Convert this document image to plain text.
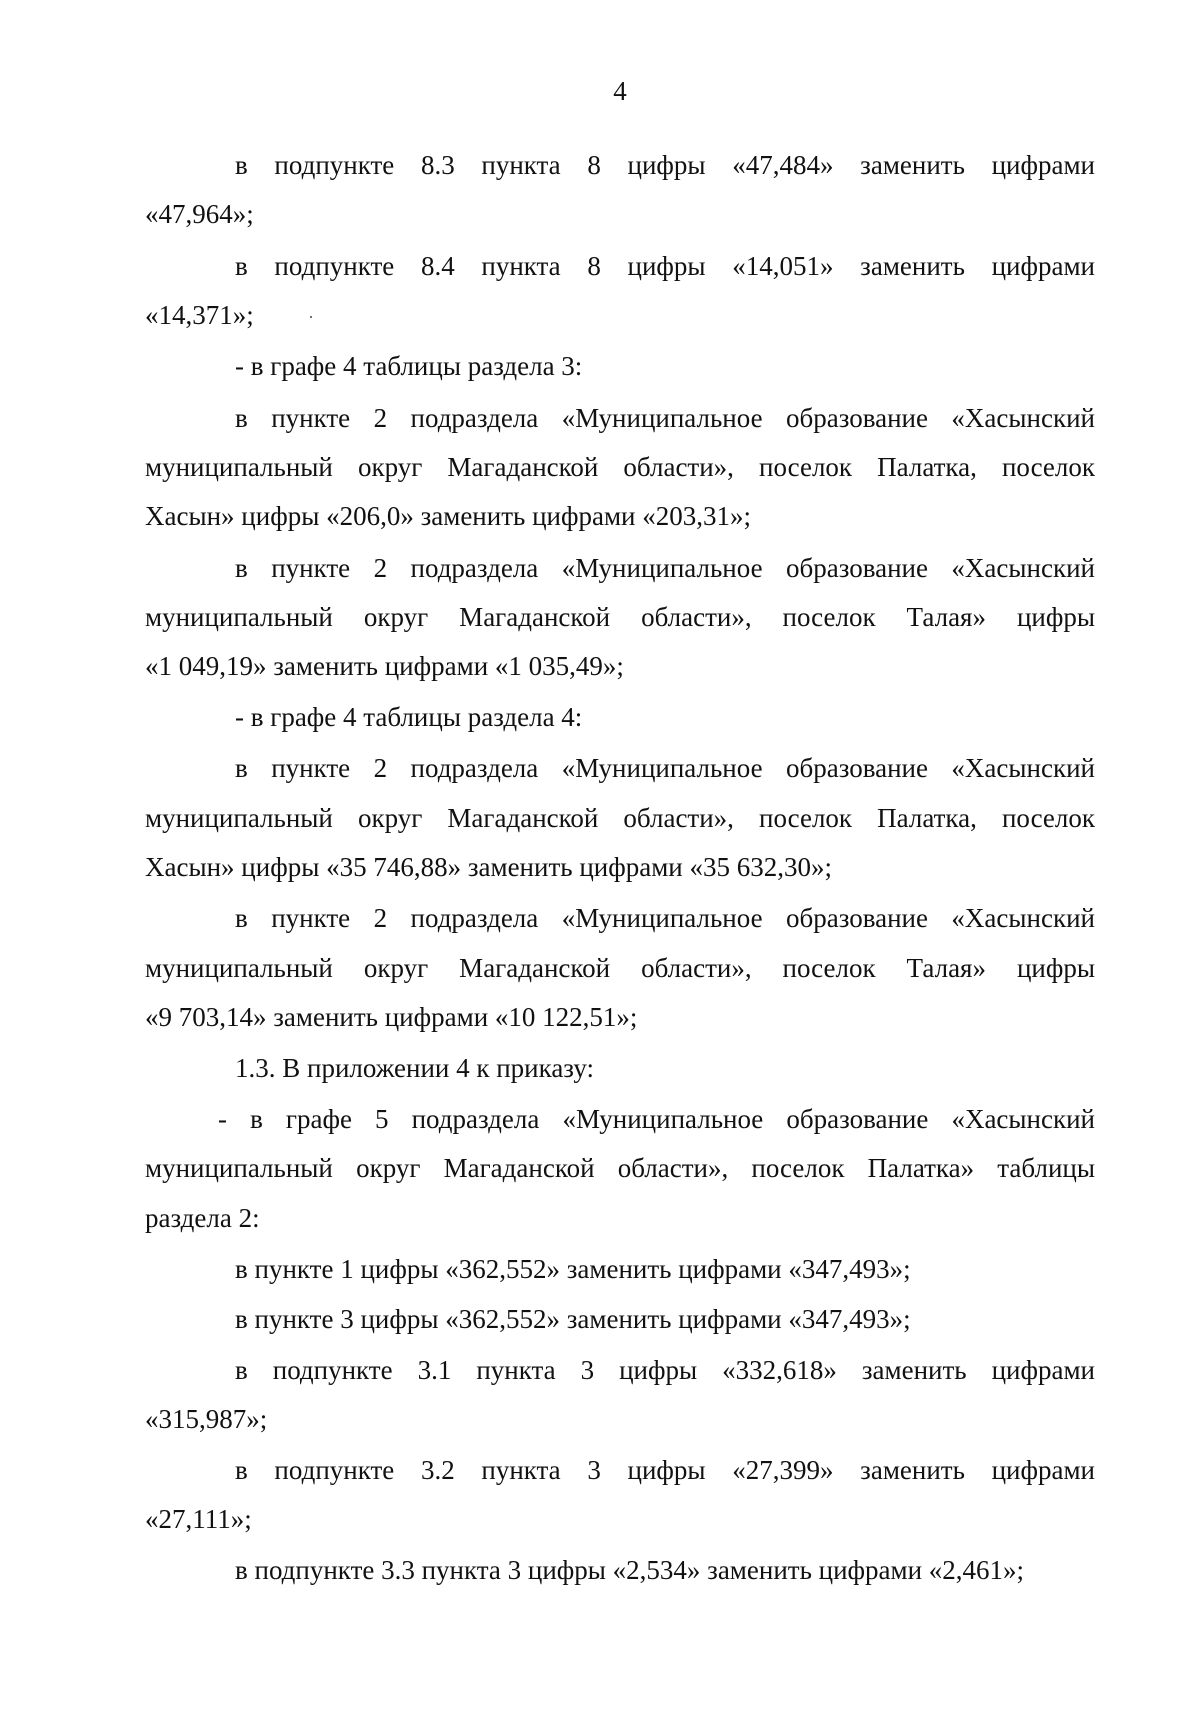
4

в подпункте 8.3 пункта 8 цифры «47,484» заменить цифрами

«47,964»;

в подпункте 8.4 пункта 8 цифры «14,051» заменить цифрами

«14,371»;

- в графе 4 таблицы раздела 3:

в пункте 2 подраздела «Муниципальное образование «Хасынский

муниципальный округ Магаданской области», поселок Палатка, поселок

Хасын» цифры «206,0» заменить цифрами «203,31»;

в пункте 2 подраздела «Муниципальное образование «Хасынский

муниципальный округ Магаданской области», поселок Талая» цифры

«1 049,19» заменить цифрами «1 035,49»;

- в графе 4 таблицы раздела 4:

в пункте 2 подраздела «Муниципальное образование «Хасынский

муниципальный округ Магаданской области», поселок Палатка, поселок

Хасын» цифры «35 746,88» заменить цифрами «35 632,30»;

в пункте 2 подраздела «Муниципальное образование «Хасынский

муниципальный округ Магаданской области», поселок Талая» цифры

«9 703,14» заменить цифрами «10 122,51»;

1.3. В приложении 4 к приказу:

- в графе 5 подраздела «Муниципальное образование «Хасынский

муниципальный округ Магаданской области», поселок Палатка» таблицы

раздела 2:

в пункте 1 цифры «362,552» заменить цифрами «347,493»;

в пункте 3 цифры «362,552» заменить цифрами «347,493»;

в подпункте 3.1 пункта 3 цифры «332,618» заменить цифрами

«315,987»;

в подпункте 3.2 пункта 3 цифры «27,399» заменить цифрами

«27,111»;

в подпункте 3.3 пункта 3 цифры «2,534» заменить цифрами «2,461»;
